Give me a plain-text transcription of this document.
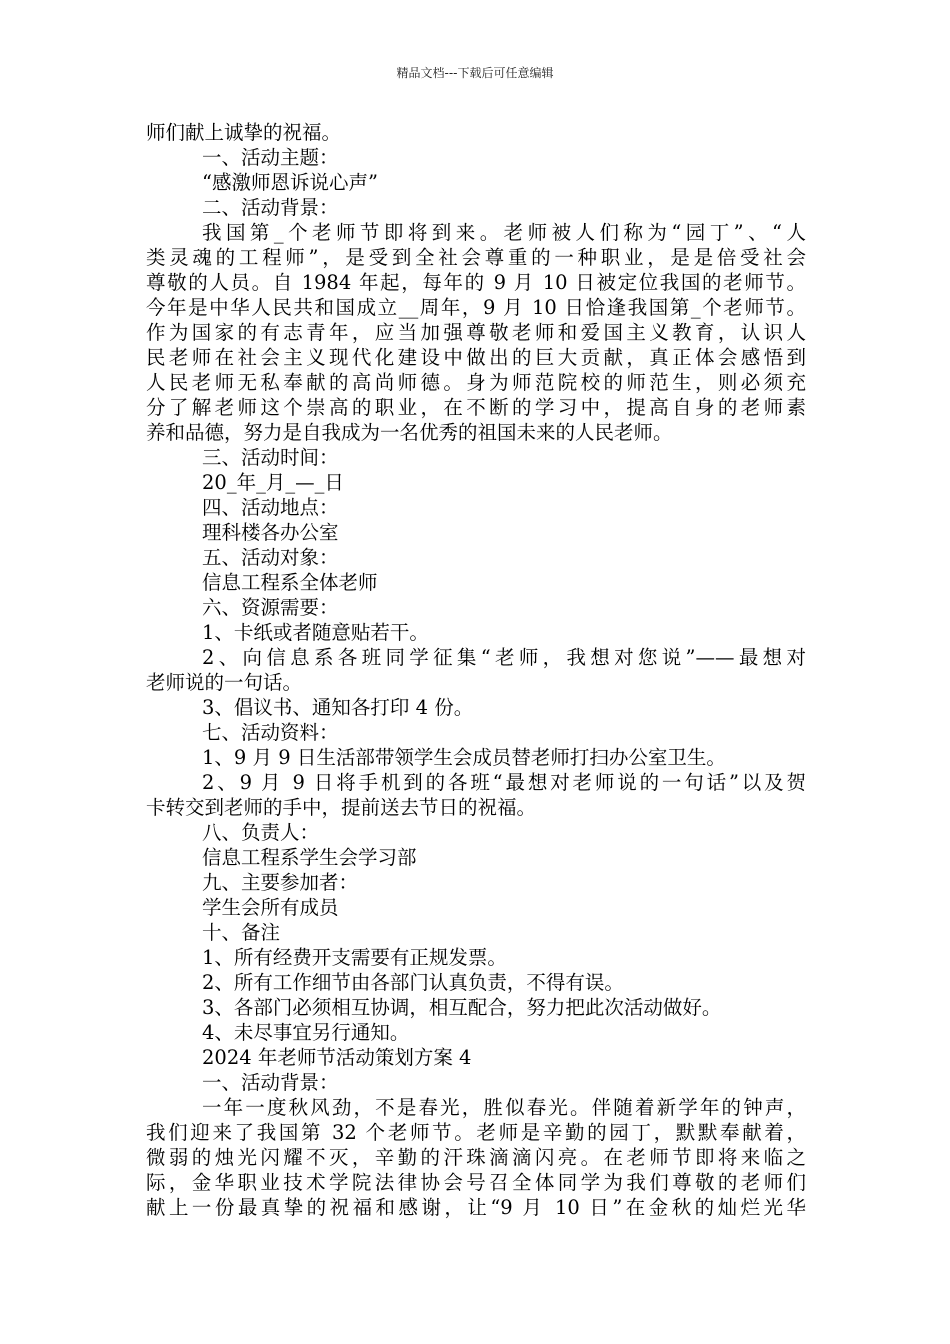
精品文档---下载后可任意编辑

师们献上诚挚的祝福。

一、活动主题：

“感激师恩诉说心声”

二、活动背景：

我国第_个老师节即将到来。老师被人们称为“园丁”、“人

类灵魂的工程师”，是受到全社会尊重的一种职业，是是倍受社会

尊敬的人员。自 1984 年起，每年的 9 月 10 日被定位我国的老师节。

今年是中华人民共和国成立__周年，9 月 10 日恰逢我国第_个老师节。

作为国家的有志青年，应当加强尊敬老师和爱国主义教育，认识人

民老师在社会主义现代化建设中做出的巨大贡献，真正体会感悟到

人民老师无私奉献的高尚师德。身为师范院校的师范生，则必须充

分了解老师这个崇高的职业，在不断的学习中，提高自身的老师素

养和品德，努力是自我成为一名优秀的祖国未来的人民老师。

三、活动时间：

20_年_月_—_日

四、活动地点：

理科楼各办公室

五、活动对象：

信息工程系全体老师

六、资源需要：

1、卡纸或者随意贴若干。

2、向信息系各班同学征集“老师，我想对您说”——最想对

老师说的一句话。

3、倡议书、通知各打印 4 份。

七、活动资料：

1、9 月 9 日生活部带领学生会成员替老师打扫办公室卫生。

2、9 月 9 日将手机到的各班“最想对老师说的一句话”以及贺

卡转交到老师的手中，提前送去节日的祝福。

八、负责人：

信息工程系学生会学习部

九、主要参加者：

学生会所有成员

十、备注

1、所有经费开支需要有正规发票。

2、所有工作细节由各部门认真负责，不得有误。

3、各部门必须相互协调，相互配合，努力把此次活动做好。

4、未尽事宜另行通知。

2024 年老师节活动策划方案 4

一、活动背景：

一年一度秋风劲，不是春光，胜似春光。伴随着新学年的钟声，

我们迎来了我国第 32 个老师节。老师是辛勤的园丁，默默奉献着，

微弱的烛光闪耀不灭，辛勤的汗珠滴滴闪亮。在老师节即将来临之

际，金华职业技术学院法律协会号召全体同学为我们尊敬的老师们

献上一份最真挚的祝福和感谢，让“9 月 10 日”在金秋的灿烂光华
